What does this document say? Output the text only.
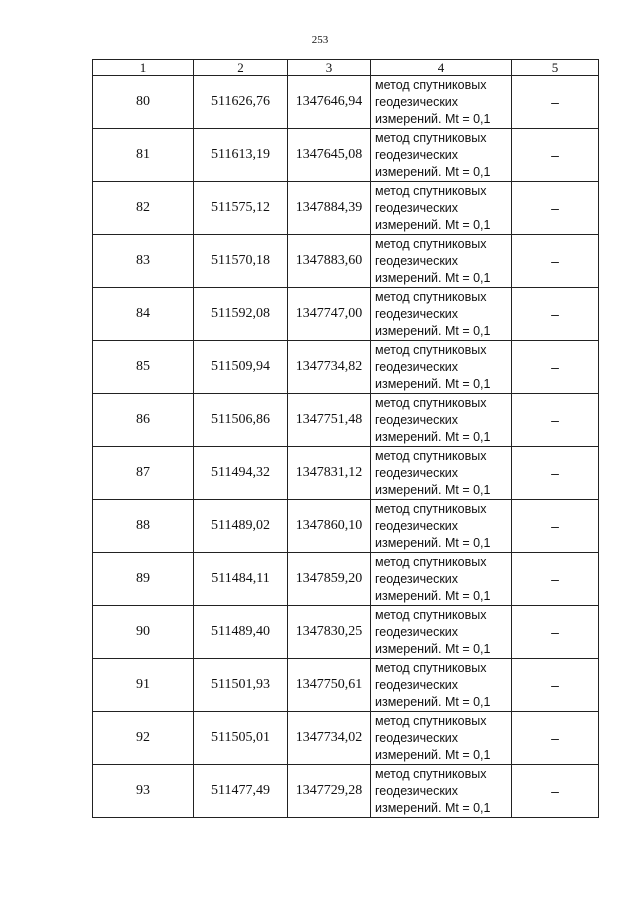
253
1	2	3	4	5
80	511626,76	1347646,94	метод спутниковых
геодезических
измерений. Mt = 0,1	–
81	511613,19	1347645,08	метод спутниковых
геодезических
измерений. Mt = 0,1	–
82	511575,12	1347884,39	метод спутниковых
геодезических
измерений. Mt = 0,1	–
83	511570,18	1347883,60	метод спутниковых
геодезических
измерений. Mt = 0,1	–
84	511592,08	1347747,00	метод спутниковых
геодезических
измерений. Mt = 0,1	–
85	511509,94	1347734,82	метод спутниковых
геодезических
измерений. Mt = 0,1	–
86	511506,86	1347751,48	метод спутниковых
геодезических
измерений. Mt = 0,1	–
87	511494,32	1347831,12	метод спутниковых
геодезических
измерений. Mt = 0,1	–
88	511489,02	1347860,10	метод спутниковых
геодезических
измерений. Mt = 0,1	–
89	511484,11	1347859,20	метод спутниковых
геодезических
измерений. Mt = 0,1	–
90	511489,40	1347830,25	метод спутниковых
геодезических
измерений. Mt = 0,1	–
91	511501,93	1347750,61	метод спутниковых
геодезических
измерений. Mt = 0,1	–
92	511505,01	1347734,02	метод спутниковых
геодезических
измерений. Mt = 0,1	–
93	511477,49	1347729,28	метод спутниковых
геодезических
измерений. Mt = 0,1	–
